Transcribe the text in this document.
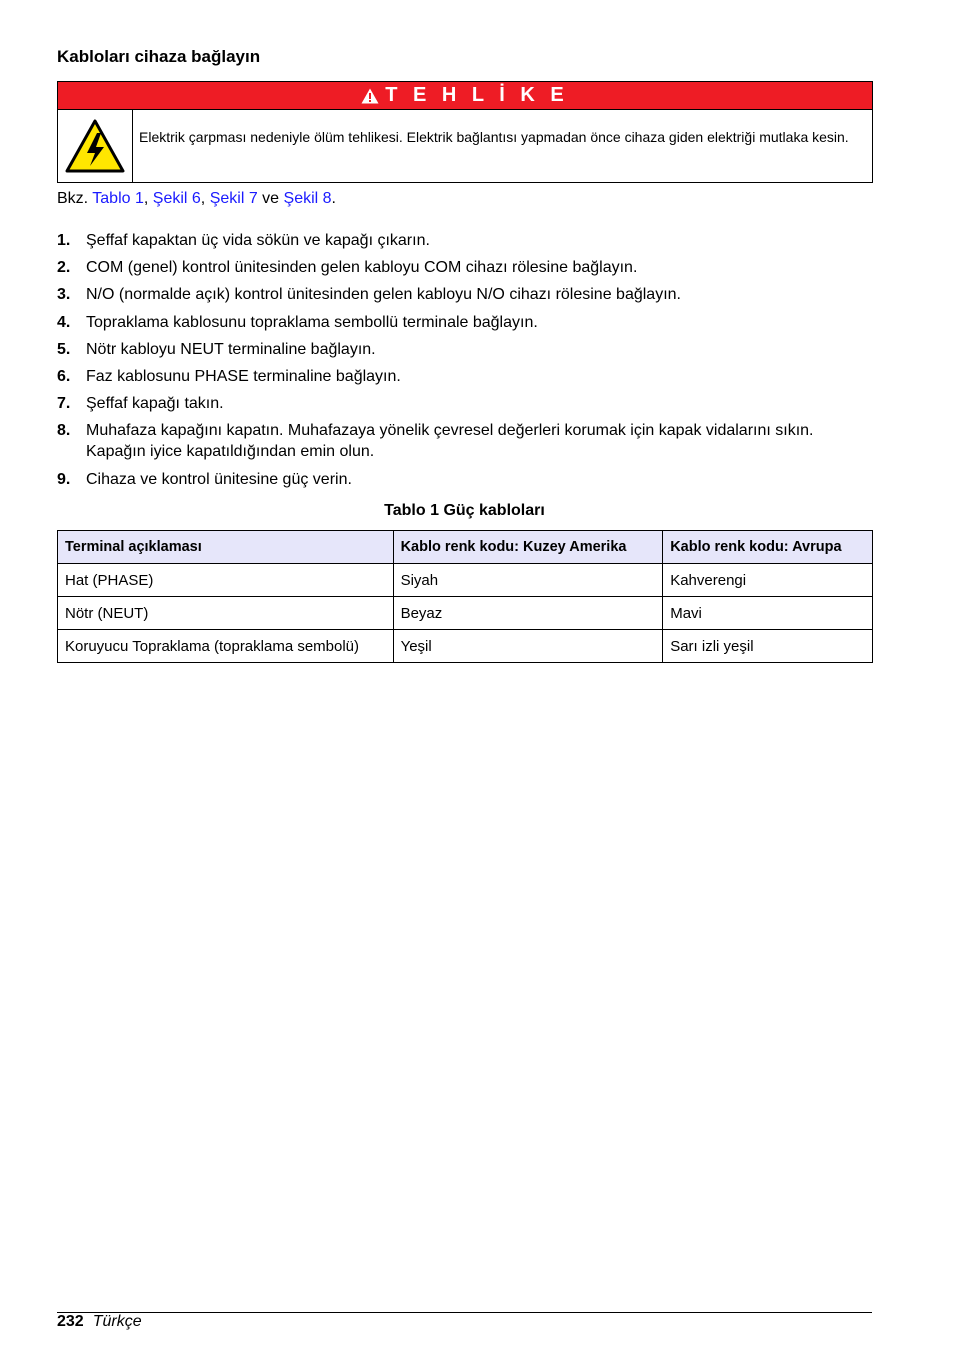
Kabloları cihaza bağlayın
T E H L İ K E
Elektrik çarpması nedeniyle ölüm tehlikesi. Elektrik bağlantısı yapmadan önce cihaza giden elektriği mutlaka kesin.
Bkz. Tablo 1, Şekil 6, Şekil 7 ve Şekil 8.
1. Şeffaf kapaktan üç vida sökün ve kapağı çıkarın.
2. COM (genel) kontrol ünitesinden gelen kabloyu COM cihazı rölesine bağlayın.
3. N/O (normalde açık) kontrol ünitesinden gelen kabloyu N/O cihazı rölesine bağlayın.
4. Topraklama kablosunu topraklama sembollü terminale bağlayın.
5. Nötr kabloyu NEUT terminaline bağlayın.
6. Faz kablosunu PHASE terminaline bağlayın.
7. Şeffaf kapağı takın.
8. Muhafaza kapağını kapatın. Muhafazaya yönelik çevresel değerleri korumak için kapak vidalarını sıkın. Kapağın iyice kapatıldığından emin olun.
9. Cihaza ve kontrol ünitesine güç verin.
Tablo 1 Güç kabloları
Terminal açıklaması	Kablo renk kodu: Kuzey Amerika	Kablo renk kodu: Avrupa
Hat (PHASE)	Siyah	Kahverengi
Nötr (NEUT)	Beyaz	Mavi
Koruyucu Topraklama (topraklama sembolü)	Yeşil	Sarı izli yeşil
232 Türkçe
